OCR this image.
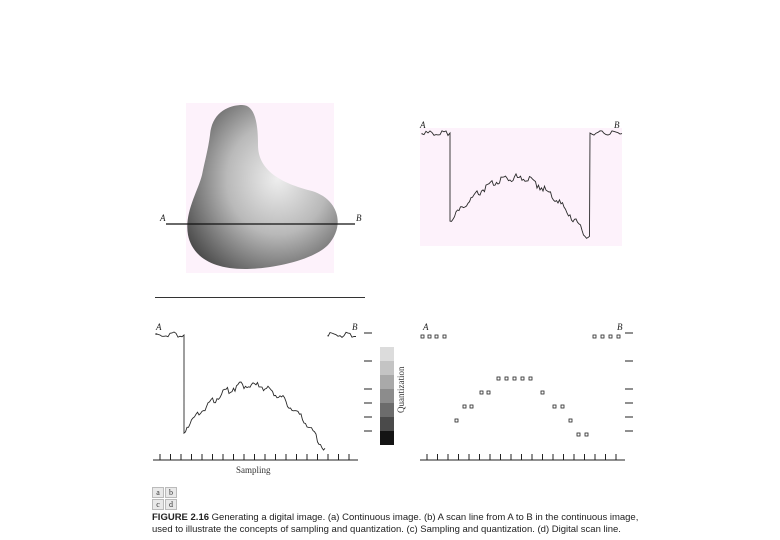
A	B
A	B
A	B
Sampling
Quantization
A	B
a	b
c	d
FIGURE 2.16 Generating a digital image. (a) Continuous image. (b) A scan line from A to B in the continuous image, used to illustrate the concepts of sampling and quantization. (c) Sampling and quantization. (d) Digital scan line.
